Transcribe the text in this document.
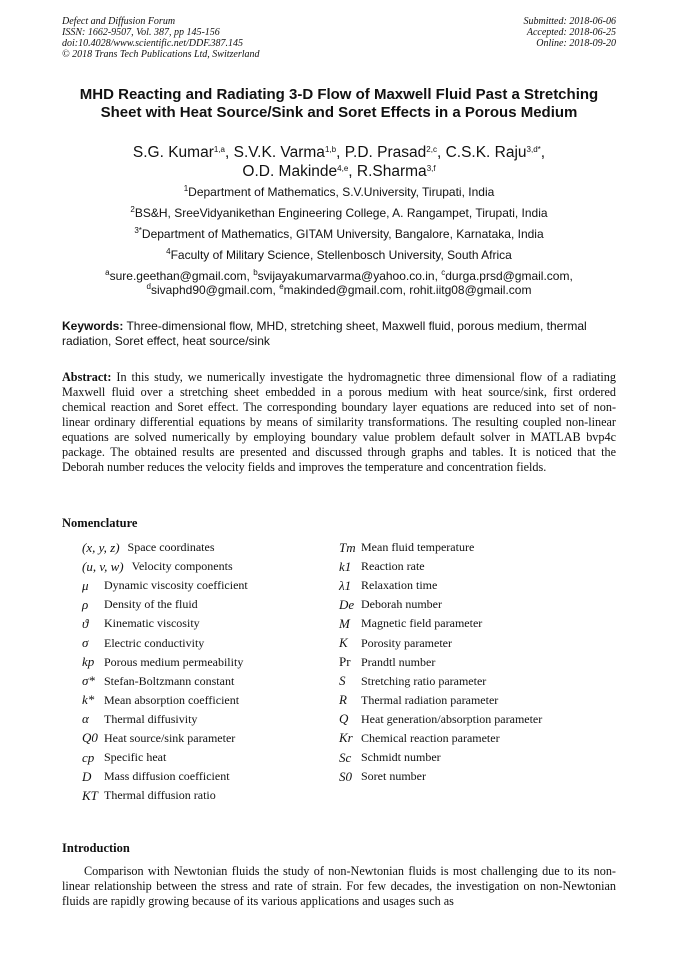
Defect and Diffusion Forum
ISSN: 1662-9507, Vol. 387, pp 145-156
doi:10.4028/www.scientific.net/DDF.387.145
© 2018 Trans Tech Publications Ltd, Switzerland
Submitted: 2018-06-06
Accepted: 2018-06-25
Online: 2018-09-20
MHD Reacting and Radiating 3-D Flow of Maxwell Fluid Past a Stretching Sheet with Heat Source/Sink and Soret Effects in a Porous Medium
S.G. Kumar$^{1,a}$, S.V.K. Varma$^{1,b}$, P.D. Prasad$^{2,c}$, C.S.K. Raju$^{3,d*}$,
O.D. Makinde$^{4,e}$, R.Sharma$^{3,f}$
$^1$Department of Mathematics, S.V.University, Tirupati, India
$^2$BS&H, SreeVidyanikethan Engineering College, A. Rangampet, Tirupati, India
$^{3*}$Department of Mathematics, GITAM University, Bangalore, Karnataka, India
$^4$Faculty of Military Science, Stellenbosch University, South Africa
$^a$sure.geethan@gmail.com, $^b$svijayakumarvarma@yahoo.co.in, $^c$durga.prsd@gmail.com,
$^d$sivaphd90@gmail.com, $^e$makinded@gmail.com, rohit.iitg08@gmail.com
Keywords: Three-dimensional flow, MHD, stretching sheet, Maxwell fluid, porous medium, thermal radiation, Soret effect, heat source/sink
Abstract: In this study, we numerically investigate the hydromagnetic three dimensional flow of a radiating Maxwell fluid over a stretching sheet embedded in a porous medium with heat source/sink, first ordered chemical reaction and Soret effect. The corresponding boundary layer equations are reduced into set of non-linear ordinary differential equations by means of similarity transformations. The resulting coupled non-linear equations are solved numerically by employing boundary value problem default solver in MATLAB bvp4c package. The obtained results are presented and discussed through graphs and tables. It is noticed that the Deborah number reduces the velocity fields and improves the temperature and concentration fields.
Nomenclature
(x, y, z) Space coordinates
(u, v, w) Velocity components
μ	Dynamic viscosity coefficient
ρ	Density of the fluid
ϑ	Kinematic viscosity
σ	Electric conductivity
kp Porous medium permeability
σ* Stefan-Boltzmann constant
k* Mean absorption coefficient
α	Thermal diffusivity
Q0 Heat source/sink parameter
cp Specific heat
D	Mass diffusion coefficient
KT Thermal diffusion ratio
Tm Mean fluid temperature
k1 Reaction rate
λ1 Relaxation time
De Deborah number
M Magnetic field parameter
K	Porosity parameter
Pr Prandtl number
S	Stretching ratio parameter
R	Thermal radiation parameter
Q	Heat generation/absorption parameter
Kr Chemical reaction parameter
Sc Schmidt number
S0 Soret number
Introduction
Comparison with Newtonian fluids the study of non-Newtonian fluids is most challenging due to its non-linear relationship between the stress and rate of strain. For few decades, the investigation on non-Newtonian fluids are rapidly growing because of its various applications and usages such as
